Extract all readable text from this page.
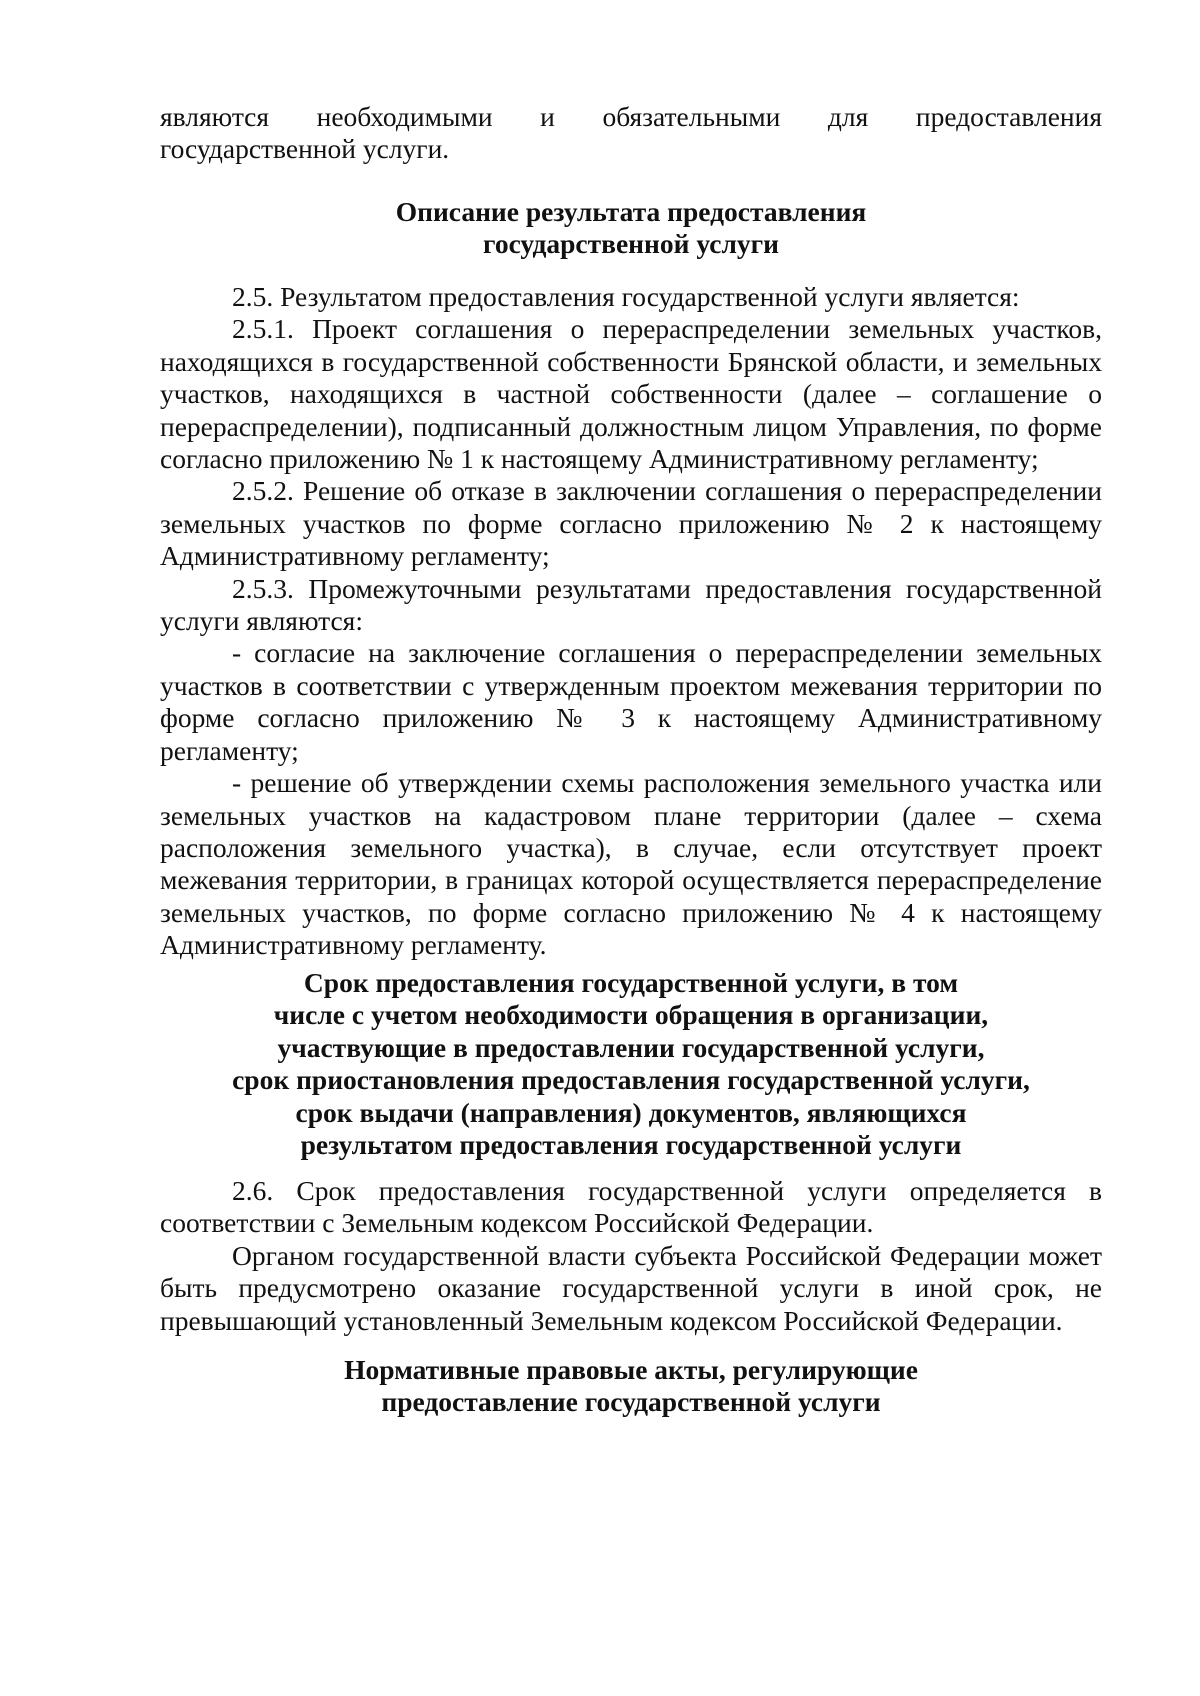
являются необходимыми и обязательными для предоставления

государственной услуги.

Описание результата предоставления
государственной услуги

2.5. Результатом предоставления государственной услуги является:

2.5.1. Проект соглашения о перераспределении земельных участков, находящихся в государственной собственности Брянской области, и земельных участков, находящихся в частной собственности (далее – соглашение о перераспределении), подписанный должностным лицом Управления, по форме согласно приложению № 1 к настоящему Административному регламенту;

2.5.2. Решение об отказе в заключении соглашения о перераспределении земельных участков по форме согласно приложению № 2 к настоящему Административному регламенту;

2.5.3. Промежуточными результатами предоставления государственной услуги являются:

- согласие на заключение соглашения о перераспределении земельных участков в соответствии с утвержденным проектом межевания территории по форме согласно приложению № 3 к настоящему Административному регламенту;

- решение об утверждении схемы расположения земельного участка или земельных участков на кадастровом плане территории (далее – схема расположения земельного участка), в случае, если отсутствует проект межевания территории, в границах которой осуществляется перераспределение земельных участков, по форме согласно приложению № 4 к настоящему Административному регламенту.

Срок предоставления государственной услуги, в том
числе с учетом необходимости обращения в организации,
участвующие в предоставлении государственной услуги,
срок приостановления предоставления государственной услуги,
срок выдачи (направления) документов, являющихся
результатом предоставления государственной услуги

2.6. Срок предоставления государственной услуги определяется в соответствии с Земельным кодексом Российской Федерации.

Органом государственной власти субъекта Российской Федерации может быть предусмотрено оказание государственной услуги в иной срок, не превышающий установленный Земельным кодексом Российской Федерации.

Нормативные правовые акты, регулирующие
предоставление государственной услуги
